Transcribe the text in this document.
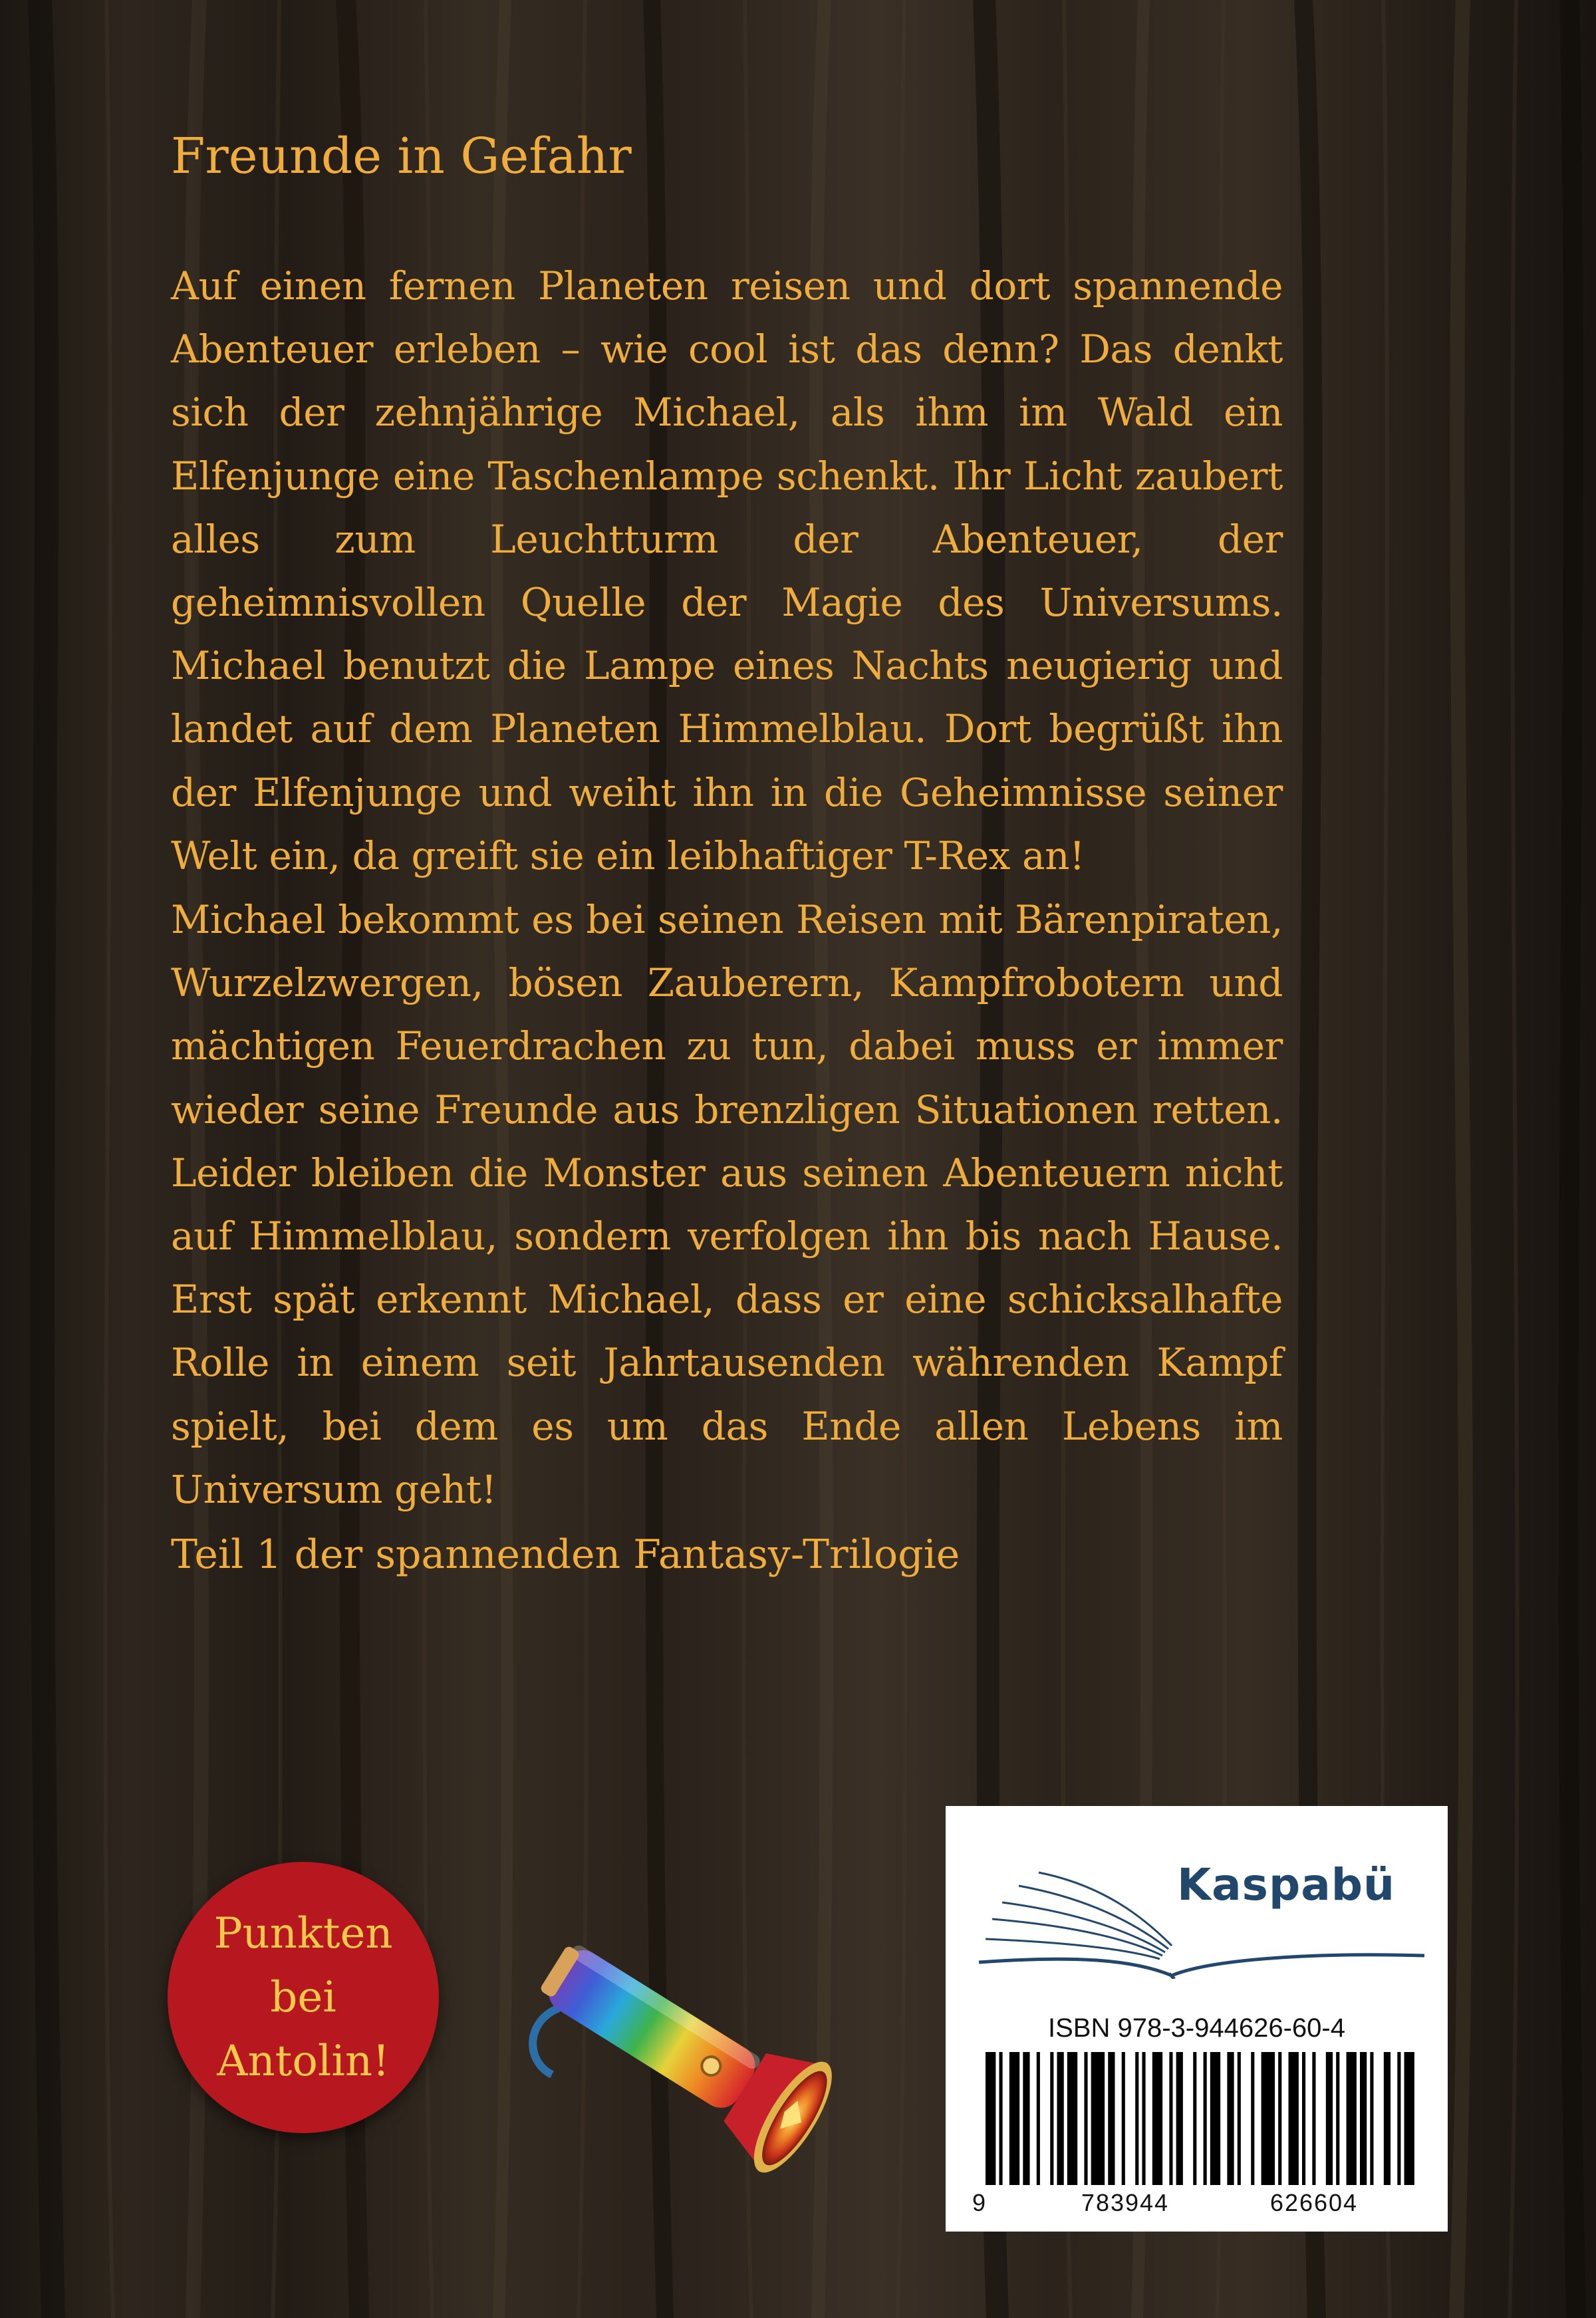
Freunde in Gefahr

Auf einen fernen Planeten reisen und dort spannende Abenteuer erleben – wie cool ist das denn? Das denkt sich der zehnjährige Michael, als ihm im Wald ein Elfenjunge eine Taschenlampe schenkt. Ihr Licht zaubert alles zum Leuchtturm der Abenteuer, der geheimnisvollen Quelle der Magie des Universums. Michael benutzt die Lampe eines Nachts neugierig und landet auf dem Planeten Himmelblau. Dort begrüßt ihn der Elfenjunge und weiht ihn in die Geheimnisse seiner Welt ein, da greift sie ein leibhaftiger T-Rex an!

Michael bekommt es bei seinen Reisen mit Bärenpiraten, Wurzelzwergen, bösen Zauberern, Kampfrobotern und mächtigen Feuerdrachen zu tun, dabei muss er immer wieder seine Freunde aus brenzligen Situationen retten. Leider bleiben die Monster aus seinen Abenteuern nicht auf Himmelblau, sondern verfolgen ihn bis nach Hause. Erst spät erkennt Michael, dass er eine schicksalhafte Rolle in einem seit Jahrtausenden währenden Kampf spielt, bei dem es um das Ende allen Lebens im Universum geht!

Teil 1 der spannenden Fantasy-Trilogie
Punkten
bei
Antolin!
Kaspabü
ISBN 978-3-944626-60-4
9	783944	626604
